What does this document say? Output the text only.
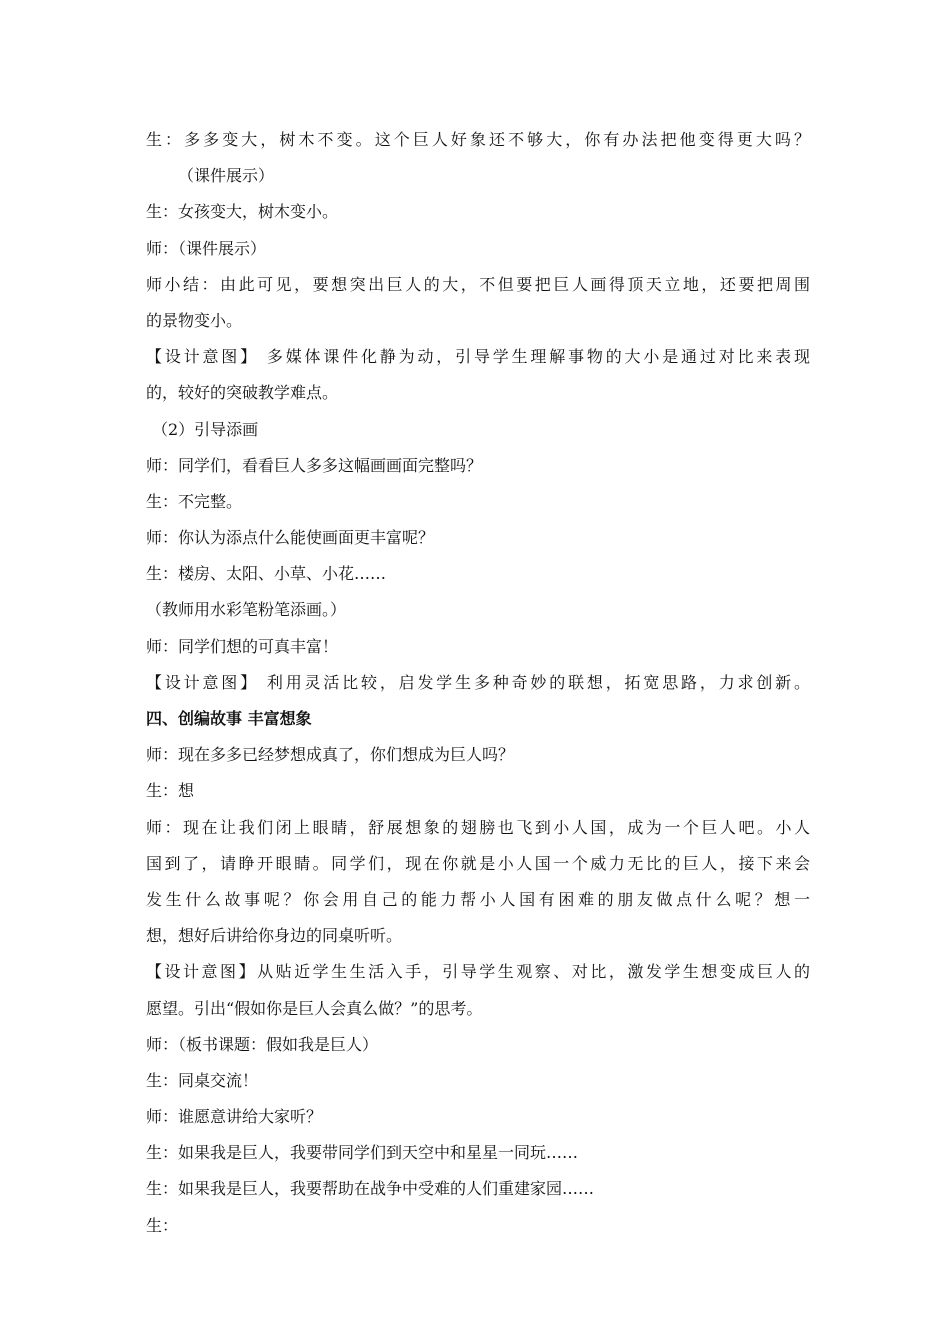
生：多多变大，树木不变。这个巨人好象还不够大，你有办法把他变得更大吗？
（课件展示）
生：女孩变大，树木变小。
师：（课件展示）
师小结：由此可见，要想突出巨人的大，不但要把巨人画得顶天立地，还要把周围
的景物变小。
【设计意图】 多媒体课件化静为动，引导学生理解事物的大小是通过对比来表现
的，较好的突破教学难点。
（2）引导添画
师：同学们，看看巨人多多这幅画画面完整吗？
生：不完整。
师：你认为添点什么能使画面更丰富呢？
生：楼房、太阳、小草、小花……
（教师用水彩笔粉笔添画。）
师：同学们想的可真丰富！
【设计意图】 利用灵活比较，启发学生多种奇妙的联想，拓宽思路，力求创新。
四、创编故事 丰富想象
师：现在多多已经梦想成真了，你们想成为巨人吗？
生：想
师：现在让我们闭上眼睛，舒展想象的翅膀也飞到小人国，成为一个巨人吧。小人
国到了，请睁开眼睛。同学们，现在你就是小人国一个威力无比的巨人，接下来会
发生什么故事呢？你会用自己的能力帮小人国有困难的朋友做点什么呢？想一
想，想好后讲给你身边的同桌听听。
【设计意图】从贴近学生生活入手，引导学生观察、对比，激发学生想变成巨人的
愿望。引出“假如你是巨人会真么做？”的思考。
师：（板书课题：假如我是巨人）
生：同桌交流！
师：谁愿意讲给大家听？
生：如果我是巨人，我要带同学们到天空中和星星一同玩……
生：如果我是巨人，我要帮助在战争中受难的人们重建家园……
生：
